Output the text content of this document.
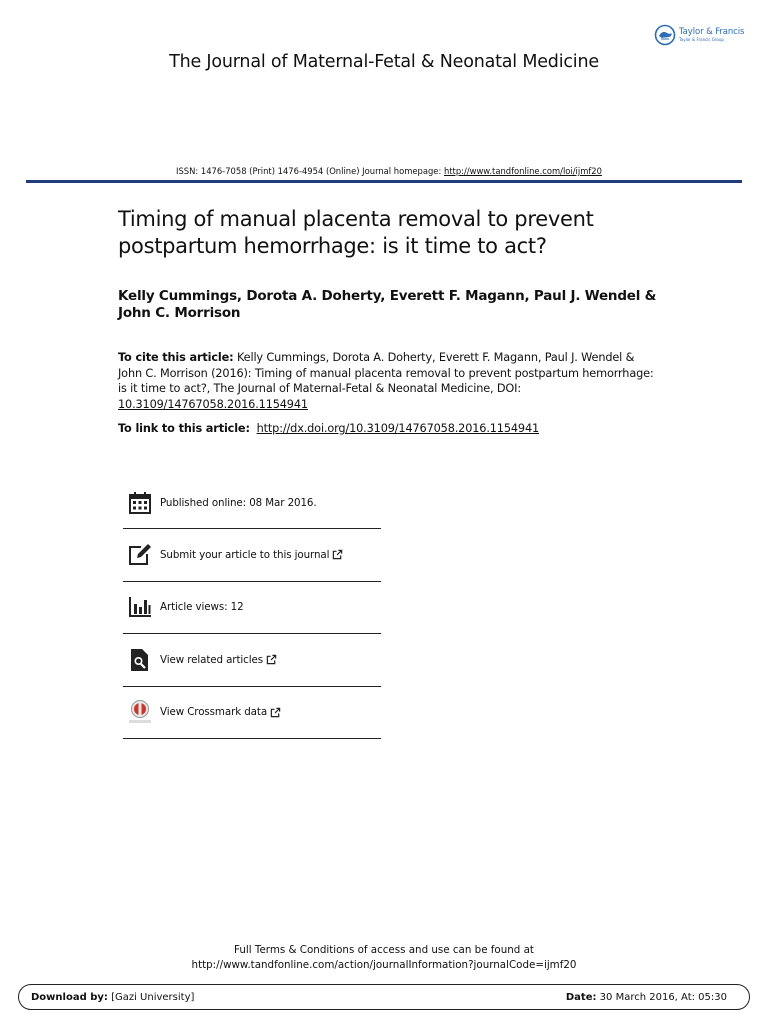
Taylor & Francis
Taylor & Francis Group
The Journal of Maternal-Fetal & Neonatal Medicine
ISSN: 1476-7058 (Print) 1476-4954 (Online) Journal homepage: http://www.tandfonline.com/loi/ijmf20
Timing of manual placenta removal to prevent postpartum hemorrhage: is it time to act?
Kelly Cummings, Dorota A. Doherty, Everett F. Magann, Paul J. Wendel & John C. Morrison
To cite this article: Kelly Cummings, Dorota A. Doherty, Everett F. Magann, Paul J. Wendel & John C. Morrison (2016): Timing of manual placenta removal to prevent postpartum hemorrhage: is it time to act?, The Journal of Maternal-Fetal & Neonatal Medicine, DOI: 10.3109/14767058.2016.1154941
To link to this article: http://dx.doi.org/10.3109/14767058.2016.1154941
Published online: 08 Mar 2016.
Submit your article to this journal
Article views: 12
View related articles
View Crossmark data
Full Terms & Conditions of access and use can be found at
http://www.tandfonline.com/action/journalInformation?journalCode=ijmf20
Download by: [Gazi University]	Date: 30 March 2016, At: 05:30
